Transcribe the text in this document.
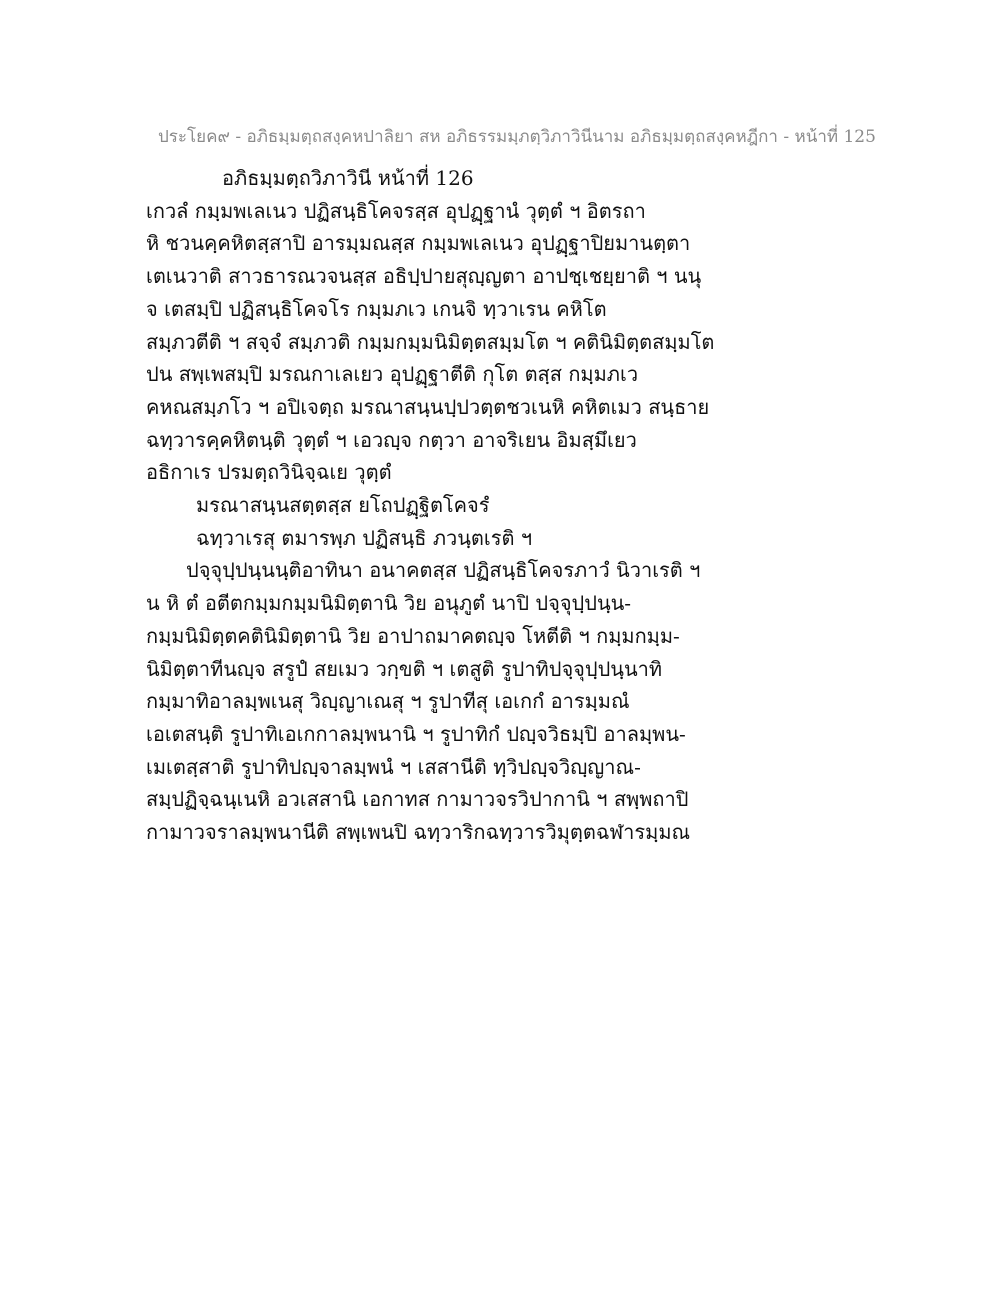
ประโยค๙ - อภิธมฺมตฺถสงฺคหปาลิยา สห อภิธรรมมฺภตฺวิภาวินีนาม อภิธมฺมตฺถสงฺคหฎีกา - หน้าที่ 125

อภิธมฺมตฺถวิภาวินี หน้าที่ 126

เกวลํ กมฺมพเลเนว ปฏิสนฺธิโคจรสฺส อุปฏฺฐานํ วุตฺตํ ฯ อิตรถา

หิ ชวนคฺคหิตสฺสาปิ อารมฺมณสฺส กมฺมพเลเนว อุปฏฺฐาปิยมานตฺตา

เตเนวาติ สาวธารณวจนสฺส อธิปฺปายสุญฺญตา อาปชฺเชยฺยาติ ฯ นนุ

จ เตสมฺปิ ปฏิสนฺธิโคจโร กมฺมภเว เกนจิ ทฺวาเรน คหิโต

สมฺภวตีติ ฯ สจฺจํ สมฺภวติ กมฺมกมฺมนิมิตฺตสมฺมโต ฯ คตินิมิตฺตสมฺมโต

ปน สพฺเพสมฺปิ มรณกาเลเยว อุปฏฺฐาตีติ กุโต ตสฺส กมฺมภเว

คหณสมฺภโว ฯ อปิเจตฺถ มรณาสนฺนปฺปวตฺตชวเนหิ คหิตเมว สนฺธาย

ฉทฺวารคฺคหิตนฺติ วุตฺตํ ฯ เอวญฺจ กตฺวา อาจริเยน อิมสฺมึเยว

อธิกาเร ปรมตฺถวินิจฺฉเย วุตฺตํ

มรณาสนฺนสตฺตสฺส ยโถปฏฺฐิตโคจรํ

ฉทฺวาเรสุ ตมารพฺภ ปฏิสนฺธิ ภวนฺตเรติ ฯ

ปจฺจุปฺปนฺนนฺติอาทินา อนาคตสฺส ปฏิสนฺธิโคจรภาวํ นิวาเรติ ฯ

น หิ ตํ อตีตกมฺมกมฺมนิมิตฺตานิ วิย อนุภูตํ นาปิ ปจฺจุปฺปนฺน-

กมฺมนิมิตฺตคตินิมิตฺตานิ วิย อาปาถมาคตญฺจ โหตีติ ฯ กมฺมกมฺม-

นิมิตฺตาทีนญฺจ สรูปํ สยเมว วกฺขติ ฯ เตสูติ รูปาทิปจฺจุปฺปนฺนาทิ

กมฺมาทิอาลมฺพเนสุ วิญฺญาเณสุ ฯ รูปาทีสุ เอเกกํ อารมฺมณํ

เอเตสนฺติ รูปาทิเอเกกาลมฺพนานิ ฯ รูปาทิกํ ปญฺจวิธมฺปิ อาลมฺพน-

เมเตสฺสาติ รูปาทิปญฺจาลมฺพนํ ฯ เสสานีติ ทฺวิปญฺจวิญฺญาณ-

สมฺปฏิจฺฉนฺเนหิ อวเสสานิ เอกาทส กามาวจรวิปากานิ ฯ สพฺพถาปิ

กามาวจราลมฺพนานีติ สพฺเพนปิ ฉทฺวาริกฉทฺวารวิมุตฺตฉฬารมฺมณ
